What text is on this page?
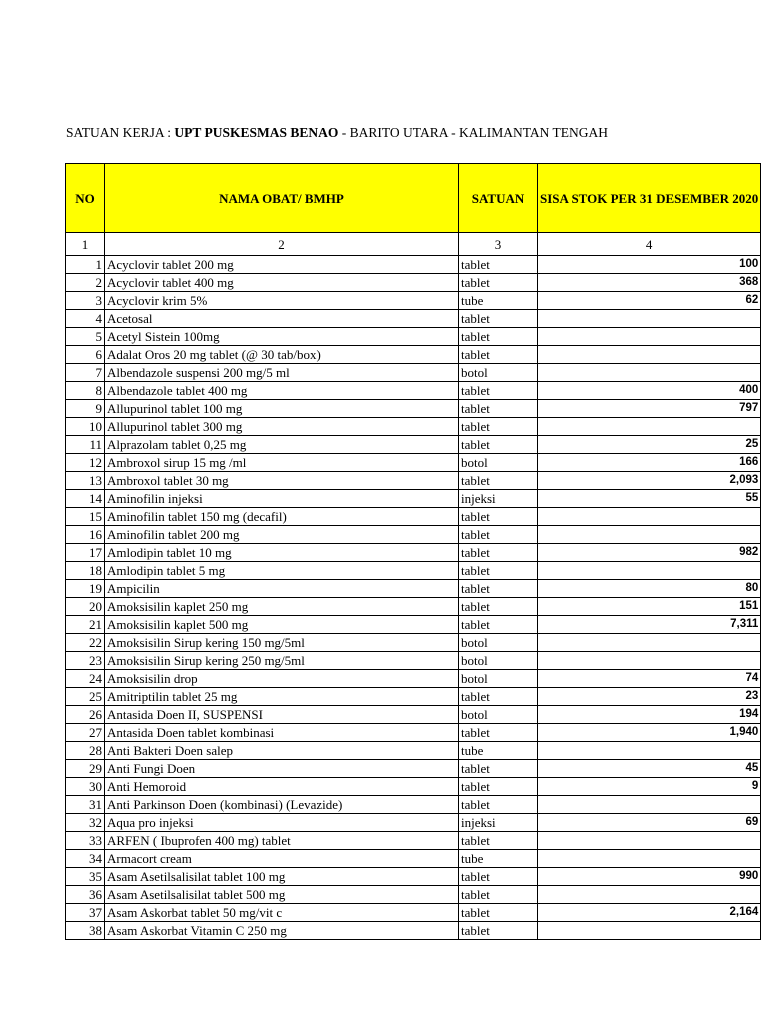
SATUAN KERJA : UPT PUSKESMAS BENAO - BARITO UTARA - KALIMANTAN TENGAH
NO	NAMA OBAT/ BMHP	SATUAN	SISA STOK PER 31 DESEMBER 2020
1	2	3	4
1	Acyclovir tablet 200 mg	tablet	100
2	Acyclovir tablet 400 mg	tablet	368
3	Acyclovir krim 5%	tube	62
4	Acetosal	tablet	
5	Acetyl Sistein 100mg	tablet	
6	Adalat Oros 20 mg tablet (@ 30 tab/box)	tablet	
7	Albendazole suspensi 200 mg/5 ml	botol	
8	Albendazole tablet 400 mg	tablet	400
9	Allupurinol tablet 100 mg	tablet	797
10	Allupurinol tablet 300 mg	tablet	
11	Alprazolam tablet 0,25 mg	tablet	25
12	Ambroxol sirup 15 mg /ml	botol	166
13	Ambroxol tablet 30 mg	tablet	2,093
14	Aminofilin injeksi	injeksi	55
15	Aminofilin tablet 150 mg (decafil)	tablet	
16	Aminofilin tablet 200 mg	tablet	
17	Amlodipin tablet 10 mg	tablet	982
18	Amlodipin tablet 5 mg	tablet	
19	Ampicilin	tablet	80
20	Amoksisilin kaplet 250 mg	tablet	151
21	Amoksisilin kaplet 500 mg	tablet	7,311
22	Amoksisilin Sirup kering 150 mg/5ml	botol	
23	Amoksisilin Sirup kering 250 mg/5ml	botol	
24	Amoksisilin drop	botol	74
25	Amitriptilin tablet 25 mg	tablet	23
26	Antasida Doen II, SUSPENSI	botol	194
27	Antasida Doen tablet kombinasi	tablet	1,940
28	Anti Bakteri Doen salep	tube	
29	Anti Fungi Doen	tablet	45
30	Anti Hemoroid	tablet	9
31	Anti Parkinson Doen (kombinasi) (Levazide)	tablet	
32	Aqua pro injeksi	injeksi	69
33	ARFEN ( Ibuprofen 400 mg) tablet	tablet	
34	Armacort cream	tube	
35	Asam Asetilsalisilat tablet 100 mg	tablet	990
36	Asam Asetilsalisilat tablet 500 mg	tablet	
37	Asam Askorbat tablet 50 mg/vit c	tablet	2,164
38	Asam Askorbat Vitamin C 250 mg	tablet	
